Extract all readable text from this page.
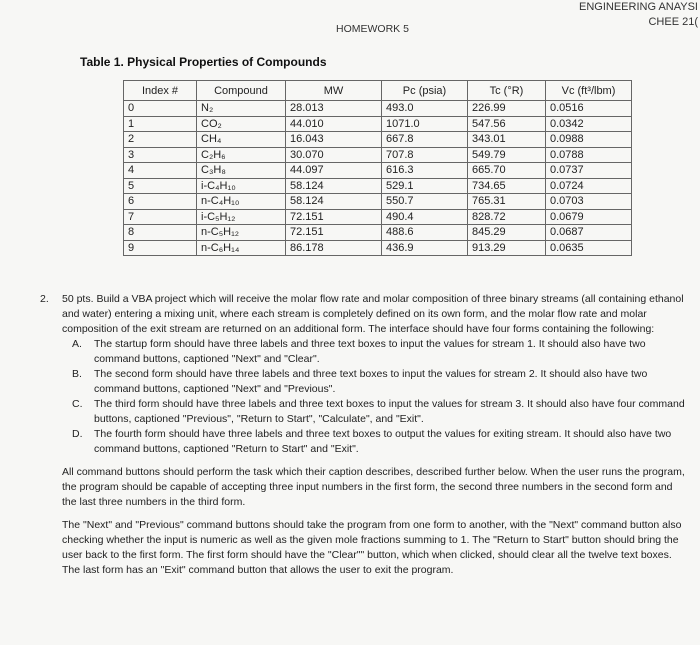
ENGINEERING ANAYSI
CHEE 21(
HOMEWORK 5
Table 1. Physical Properties of Compounds
Index #	Compound	MW	Pc (psia)	Tc (°R)	Vc (ft³/lbm)
0	N₂	28.013	493.0	226.99	0.0516
1	CO₂	44.010	1071.0	547.56	0.0342
2	CH₄	16.043	667.8	343.01	0.0988
3	C₂H₆	30.070	707.8	549.79	0.0788
4	C₃H₈	44.097	616.3	665.70	0.0737
5	i-C₄H₁₀	58.124	529.1	734.65	0.0724
6	n-C₄H₁₀	58.124	550.7	765.31	0.0703
7	i-C₅H₁₂	72.151	490.4	828.72	0.0679
8	n-C₅H₁₂	72.151	488.6	845.29	0.0687
9	n-C₆H₁₄	86.178	436.9	913.29	0.0635
2. 50 pts. Build a VBA project which will receive the molar flow rate and molar composition of three binary streams (all containing ethanol and water) entering a mixing unit, where each stream is completely defined on its own form, and the molar flow rate and molar composition of the exit stream are returned on an additional form. The interface should have four forms containing the following:
A. The startup form should have three labels and three text boxes to input the values for stream 1. It should also have two command buttons, captioned "Next" and "Clear".
B. The second form should have three labels and three text boxes to input the values for stream 2. It should also have two command buttons, captioned "Next" and "Previous".
C. The third form should have three labels and three text boxes to input the values for stream 3. It should also have four command buttons, captioned "Previous", "Return to Start", "Calculate", and "Exit".
D. The fourth form should have three labels and three text boxes to output the values for exiting stream. It should also have two command buttons, captioned "Return to Start" and "Exit".
All command buttons should perform the task which their caption describes, described further below. When the user runs the program, the program should be capable of accepting three input numbers in the first form, the second three numbers in the second form and the last three numbers in the third form.
The "Next" and "Previous" command buttons should take the program from one form to another, with the "Next" command button also checking whether the input is numeric as well as the given mole fractions summing to 1. The "Return to Start" button should bring the user back to the first form. The first form should have the "Clear"" button, which when clicked, should clear all the twelve text boxes. The last form has an "Exit" command button that allows the user to exit the program.
